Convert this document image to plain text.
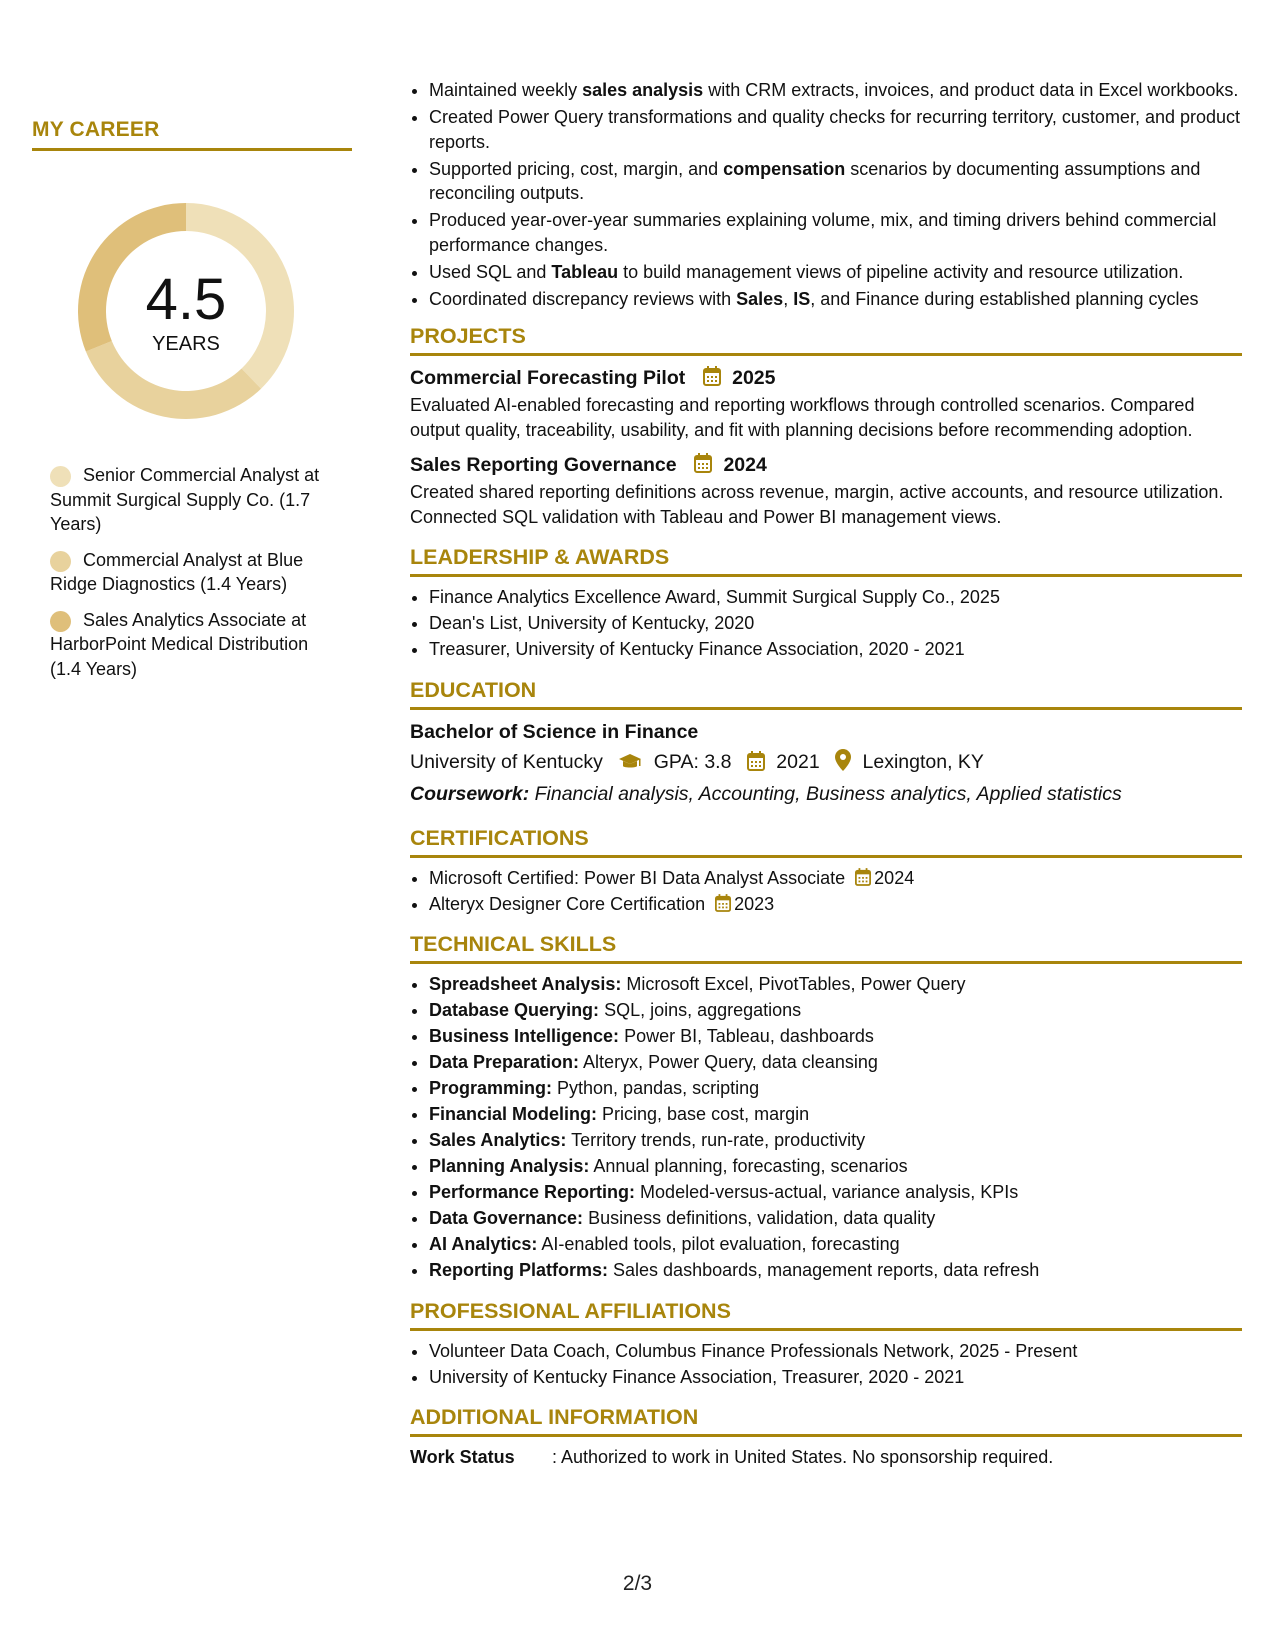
MY CAREER
4.5
YEARS
Senior Commercial Analyst at Summit Surgical Supply Co. (1.7 Years)
Commercial Analyst at Blue Ridge Diagnostics (1.4 Years)
Sales Analytics Associate at HarborPoint Medical Distribution (1.4 Years)
• Maintained weekly sales analysis with CRM extracts, invoices, and product data in Excel workbooks.
• Created Power Query transformations and quality checks for recurring territory, customer, and product reports.
• Supported pricing, cost, margin, and compensation scenarios by documenting assumptions and reconciling outputs.
• Produced year-over-year summaries explaining volume, mix, and timing drivers behind commercial performance changes.
• Used SQL and Tableau to build management views of pipeline activity and resource utilization.
• Coordinated discrepancy reviews with Sales, IS, and Finance during established planning cycles
PROJECTS
Commercial Forecasting Pilot 2025
Evaluated AI-enabled forecasting and reporting workflows through controlled scenarios. Compared output quality, traceability, usability, and fit with planning decisions before recommending adoption.
Sales Reporting Governance 2024
Created shared reporting definitions across revenue, margin, active accounts, and resource utilization. Connected SQL validation with Tableau and Power BI management views.
LEADERSHIP & AWARDS
• Finance Analytics Excellence Award, Summit Surgical Supply Co., 2025
• Dean's List, University of Kentucky, 2020
• Treasurer, University of Kentucky Finance Association, 2020 - 2021
EDUCATION
Bachelor of Science in Finance
University of Kentucky	GPA: 3.8 2021 Lexington, KY
Coursework: Financial analysis, Accounting, Business analytics, Applied statistics
CERTIFICATIONS
• Microsoft Certified: Power BI Data Analyst Associate 2024
• Alteryx Designer Core Certification 2023
TECHNICAL SKILLS
• Spreadsheet Analysis: Microsoft Excel, PivotTables, Power Query
• Database Querying: SQL, joins, aggregations
• Business Intelligence: Power BI, Tableau, dashboards
• Data Preparation: Alteryx, Power Query, data cleansing
• Programming: Python, pandas, scripting
• Financial Modeling: Pricing, base cost, margin
• Sales Analytics: Territory trends, run-rate, productivity
• Planning Analysis: Annual planning, forecasting, scenarios
• Performance Reporting: Modeled-versus-actual, variance analysis, KPIs
• Data Governance: Business definitions, validation, data quality
• AI Analytics: AI-enabled tools, pilot evaluation, forecasting
• Reporting Platforms: Sales dashboards, management reports, data refresh
PROFESSIONAL AFFILIATIONS
• Volunteer Data Coach, Columbus Finance Professionals Network, 2025 - Present
• University of Kentucky Finance Association, Treasurer, 2020 - 2021
ADDITIONAL INFORMATION
Work Status : Authorized to work in United States. No sponsorship required.
2/3
